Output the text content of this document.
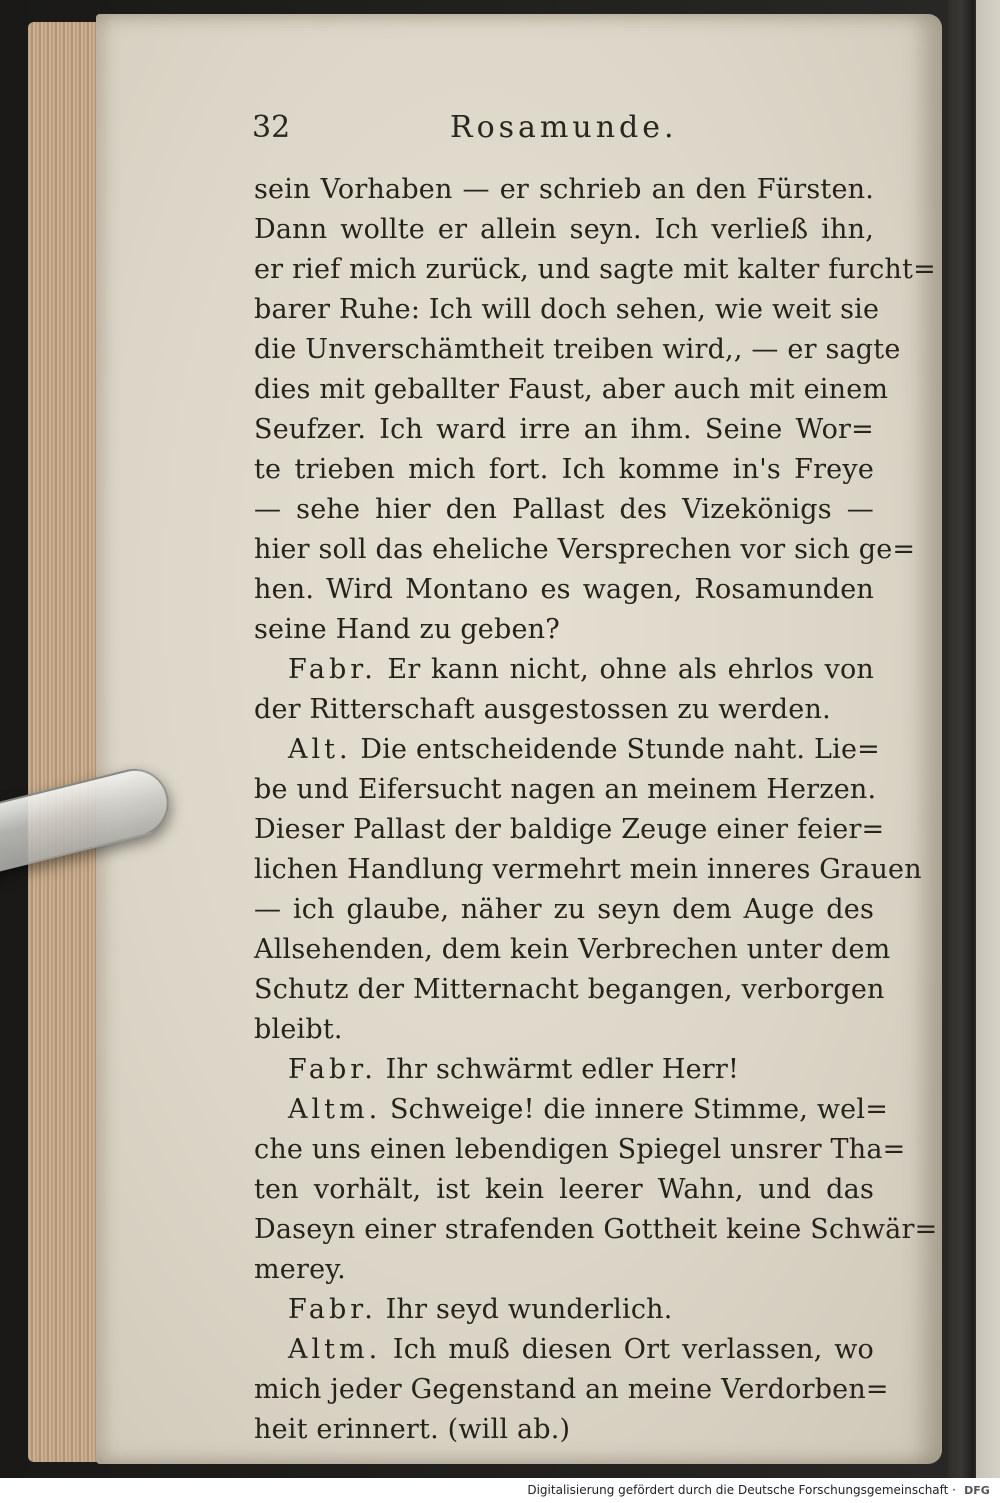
32	Rosamunde.
sein Vorhaben — er schrieb an den Fürsten.
Dann wollte er allein seyn. Ich verließ ihn,
er rief mich zurück, und sagte mit kalter furcht=
barer Ruhe: Ich will doch sehen, wie weit sie
die Unverschämtheit treiben wird,, — er sagte
dies mit geballter Faust, aber auch mit einem
Seufzer. Ich ward irre an ihm. Seine Wor=
te trieben mich fort. Ich komme in's Freye
— sehe hier den Pallast des Vizekönigs —
hier soll das eheliche Versprechen vor sich ge=
hen. Wird Montano es wagen, Rosamunden
seine Hand zu geben?
Fabr. Er kann nicht, ohne als ehrlos von
der Ritterschaft ausgestossen zu werden.
Alt. Die entscheidende Stunde naht. Lie=
be und Eifersucht nagen an meinem Herzen.
Dieser Pallast der baldige Zeuge einer feier=
lichen Handlung vermehrt mein inneres Grauen
— ich glaube, näher zu seyn dem Auge des
Allsehenden, dem kein Verbrechen unter dem
Schutz der Mitternacht begangen, verborgen
bleibt.
Fabr. Ihr schwärmt edler Herr!
Altm. Schweige! die innere Stimme, wel=
che uns einen lebendigen Spiegel unsrer Tha=
ten vorhält, ist kein leerer Wahn, und das
Daseyn einer strafenden Gottheit keine Schwär=
merey.
Fabr. Ihr seyd wunderlich.
Altm. Ich muß diesen Ort verlassen, wo
mich jeder Gegenstand an meine Verdorben=
heit erinnert. (will ab.)
Digitalisierung gefördert durch die Deutsche Forschungsgemeinschaft · DFG
